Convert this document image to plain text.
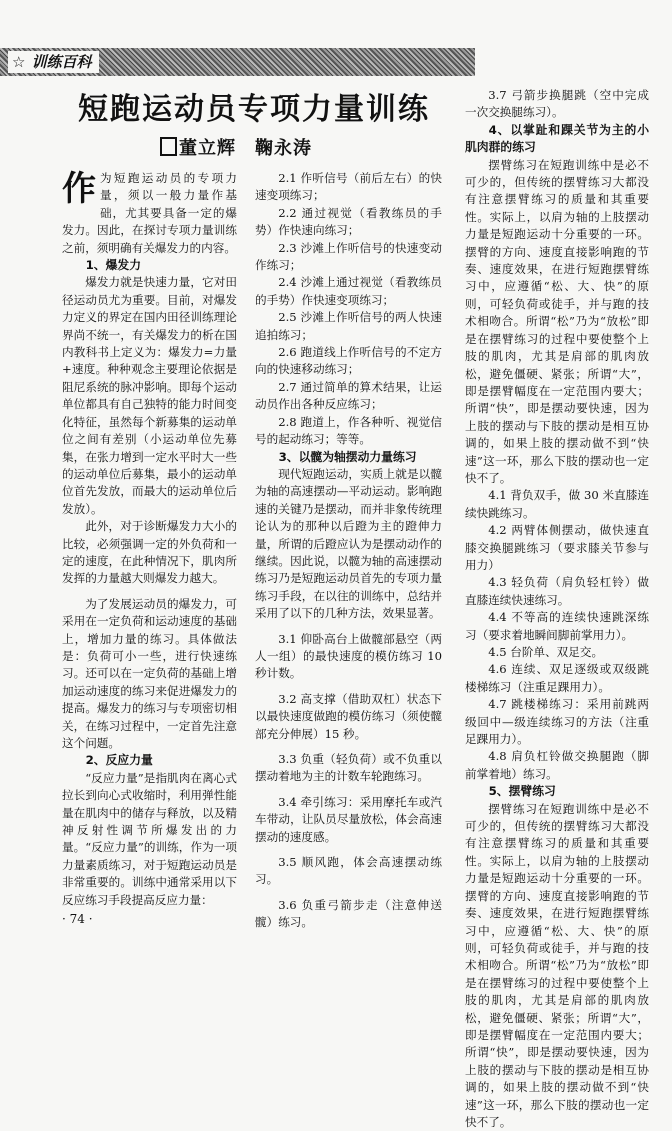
☆ 训练百科
短跑运动员专项力量训练
董立辉　鞠永涛

作为短跑运动员的专项力量，须以一般力量作基础，尤其要具备一定的爆发力。因此，在探讨专项力量训练之前，须明确有关爆发力的内容。

1、爆发力

爆发力就是快速力量，它对田径运动员尤为重要。目前，对爆发力定义的界定在国内田径训练理论界尚不统一，有关爆发力的析在国内教科书上定义为：爆发力=力量+速度。种种观念主要理论依据是阻尼系统的脉冲影响。即每个运动单位都具有自己独特的能力时间变化特征，虽然每个新募集的运动单位之间有差别（小运动单位先募集，在张力增到一定水平时大一些的运动单位后募集，最小的运动单位首先发放，而最大的运动单位后发放）。

此外，对于诊断爆发力大小的比较，必须强调一定的外负荷和一定的速度，在此种情况下，肌肉所发挥的力量越大则爆发力越大。

为了发展运动员的爆发力，可采用在一定负荷和运动速度的基础上，增加力量的练习。具体做法是：负荷可小一些，进行快速练习。还可以在一定负荷的基础上增加运动速度的练习来促进爆发力的提高。爆发力的练习与专项密切相关，在练习过程中，一定首先注意这个问题。

2、反应力量

“反应力量”是指肌肉在离心式拉长到向心式收缩时，利用弹性能量在肌肉中的储存与释放，以及精神反射性调节所爆发出的力量。“反应力量”的训练，作为一项力量素质练习，对于短跑运动员是非常重要的。训练中通常采用以下反应练习手段提高反应力量：

2.1 作听信号（前后左右）的快速变项练习；

2.2 通过视觉（看教练员的手势）作快速向练习；

2.3 沙滩上作听信号的快速变动作练习；

2.4 沙滩上通过视觉（看教练员的手势）作快速变项练习；

2.5 沙滩上作听信号的两人快速追拍练习；

2.6 跑道线上作听信号的不定方向的快速移动练习；

2.7 通过简单的算术结果，让运动员作出各种反应练习；

2.8 跑道上，作各种听、视觉信号的起动练习；等等。

3、以髋为轴摆动力量练习

现代短跑运动，实质上就是以髋为轴的高速摆动—平动运动。影响跑速的关键乃是摆动，而并非象传统理论认为的那种以后蹬为主的蹬伸力量，所谓的后蹬应认为是摆动动作的继续。因此说，以髋为轴的高速摆动练习乃是短跑运动员首先的专项力量练习手段，在以往的训练中，总结并采用了以下的几种方法，效果显著。

3.1 仰卧高台上做髋部悬空（两人一组）的最快速度的模仿练习 10 秒计数。

3.2 高支撑（借助双杠）状态下以最快速度做跑的模仿练习（须使髋部充分伸展）15 秒。

3.3 负重（轻负荷）或不负重以摆动着地为主的计数车轮跑练习。

3.4 牵引练习：采用摩托车或汽车带动，让队员尽量放松，体会高速摆动的速度感。

3.5 顺风跑，体会高速摆动练习。

3.6 负重弓箭步走（注意伸送髋）练习。

3.7 弓箭步换腿跳（空中完成一次交换腿练习）。

4、以掌趾和踝关节为主的小肌肉群的练习

摆臂练习在短跑训练中是必不可少的，但传统的摆臂练习大都没有注意摆臂练习的质量和其重要性。实际上，以肩为轴的上肢摆动力量是短跑运动十分重要的一环。摆臂的方向、速度直接影响跑的节奏、速度效果，在进行短跑摆臂练习中，应遵循“松、大、快”的原则，可轻负荷或徒手，并与跑的技术相吻合。所谓“松”乃为“放松”即是在摆臂练习的过程中要使整个上肢的肌肉，尤其是肩部的肌肉放松，避免僵硬、紧张；所谓“大”，即是摆臂幅度在一定范围内要大；所谓“快”，即是摆动要快速，因为上肢的摆动与下肢的摆动是相互协调的，如果上肢的摆动做不到“快速”这一环，那么下肢的摆动也一定快不了。

4.1 背负双手，做 30 米直膝连续快跳练习。

4.2 两臂体侧摆动，做快速直膝交换腿跳练习（要求膝关节参与用力）

4.3 轻负荷（肩负轻杠铃）做直膝连续快速练习。

4.4 不等高的连续快速跳深练习（要求着地瞬间脚前掌用力）。

4.5 台阶单、双足交。

4.6 连续、双足逐级或双级跳楼梯练习（注重足踝用力）。

4.7 跳楼梯练习：采用前跳两级回中—级连续练习的方法（注重足踝用力）。

4.8 肩负杠铃做交换腿跑（脚前掌着地）练习。

5、摆臂练习

摆臂练习在短跑训练中是必不可少的，但传统的摆臂练习大都没有注意摆臂练习的质量和其重要性。实际上，以肩为轴的上肢摆动力量是短跑运动十分重要的一环。摆臂的方向、速度直接影响跑的节奏、速度效果，在进行短跑摆臂练习中，应遵循“松、大、快”的原则，可轻负荷或徒手，并与跑的技术相吻合。所谓“松”乃为“放松”即是在摆臂练习的过程中要使整个上肢的肌肉，尤其是肩部的肌肉放松，避免僵硬、紧张；所谓“大”，即是摆臂幅度在一定范围内要大；所谓“快”，即是摆动要快速，因为上肢的摆动与下肢的摆动是相互协调的，如果上肢的摆动做不到“快速”这一环，那么下肢的摆动也一定快不了。

· 74 ·
